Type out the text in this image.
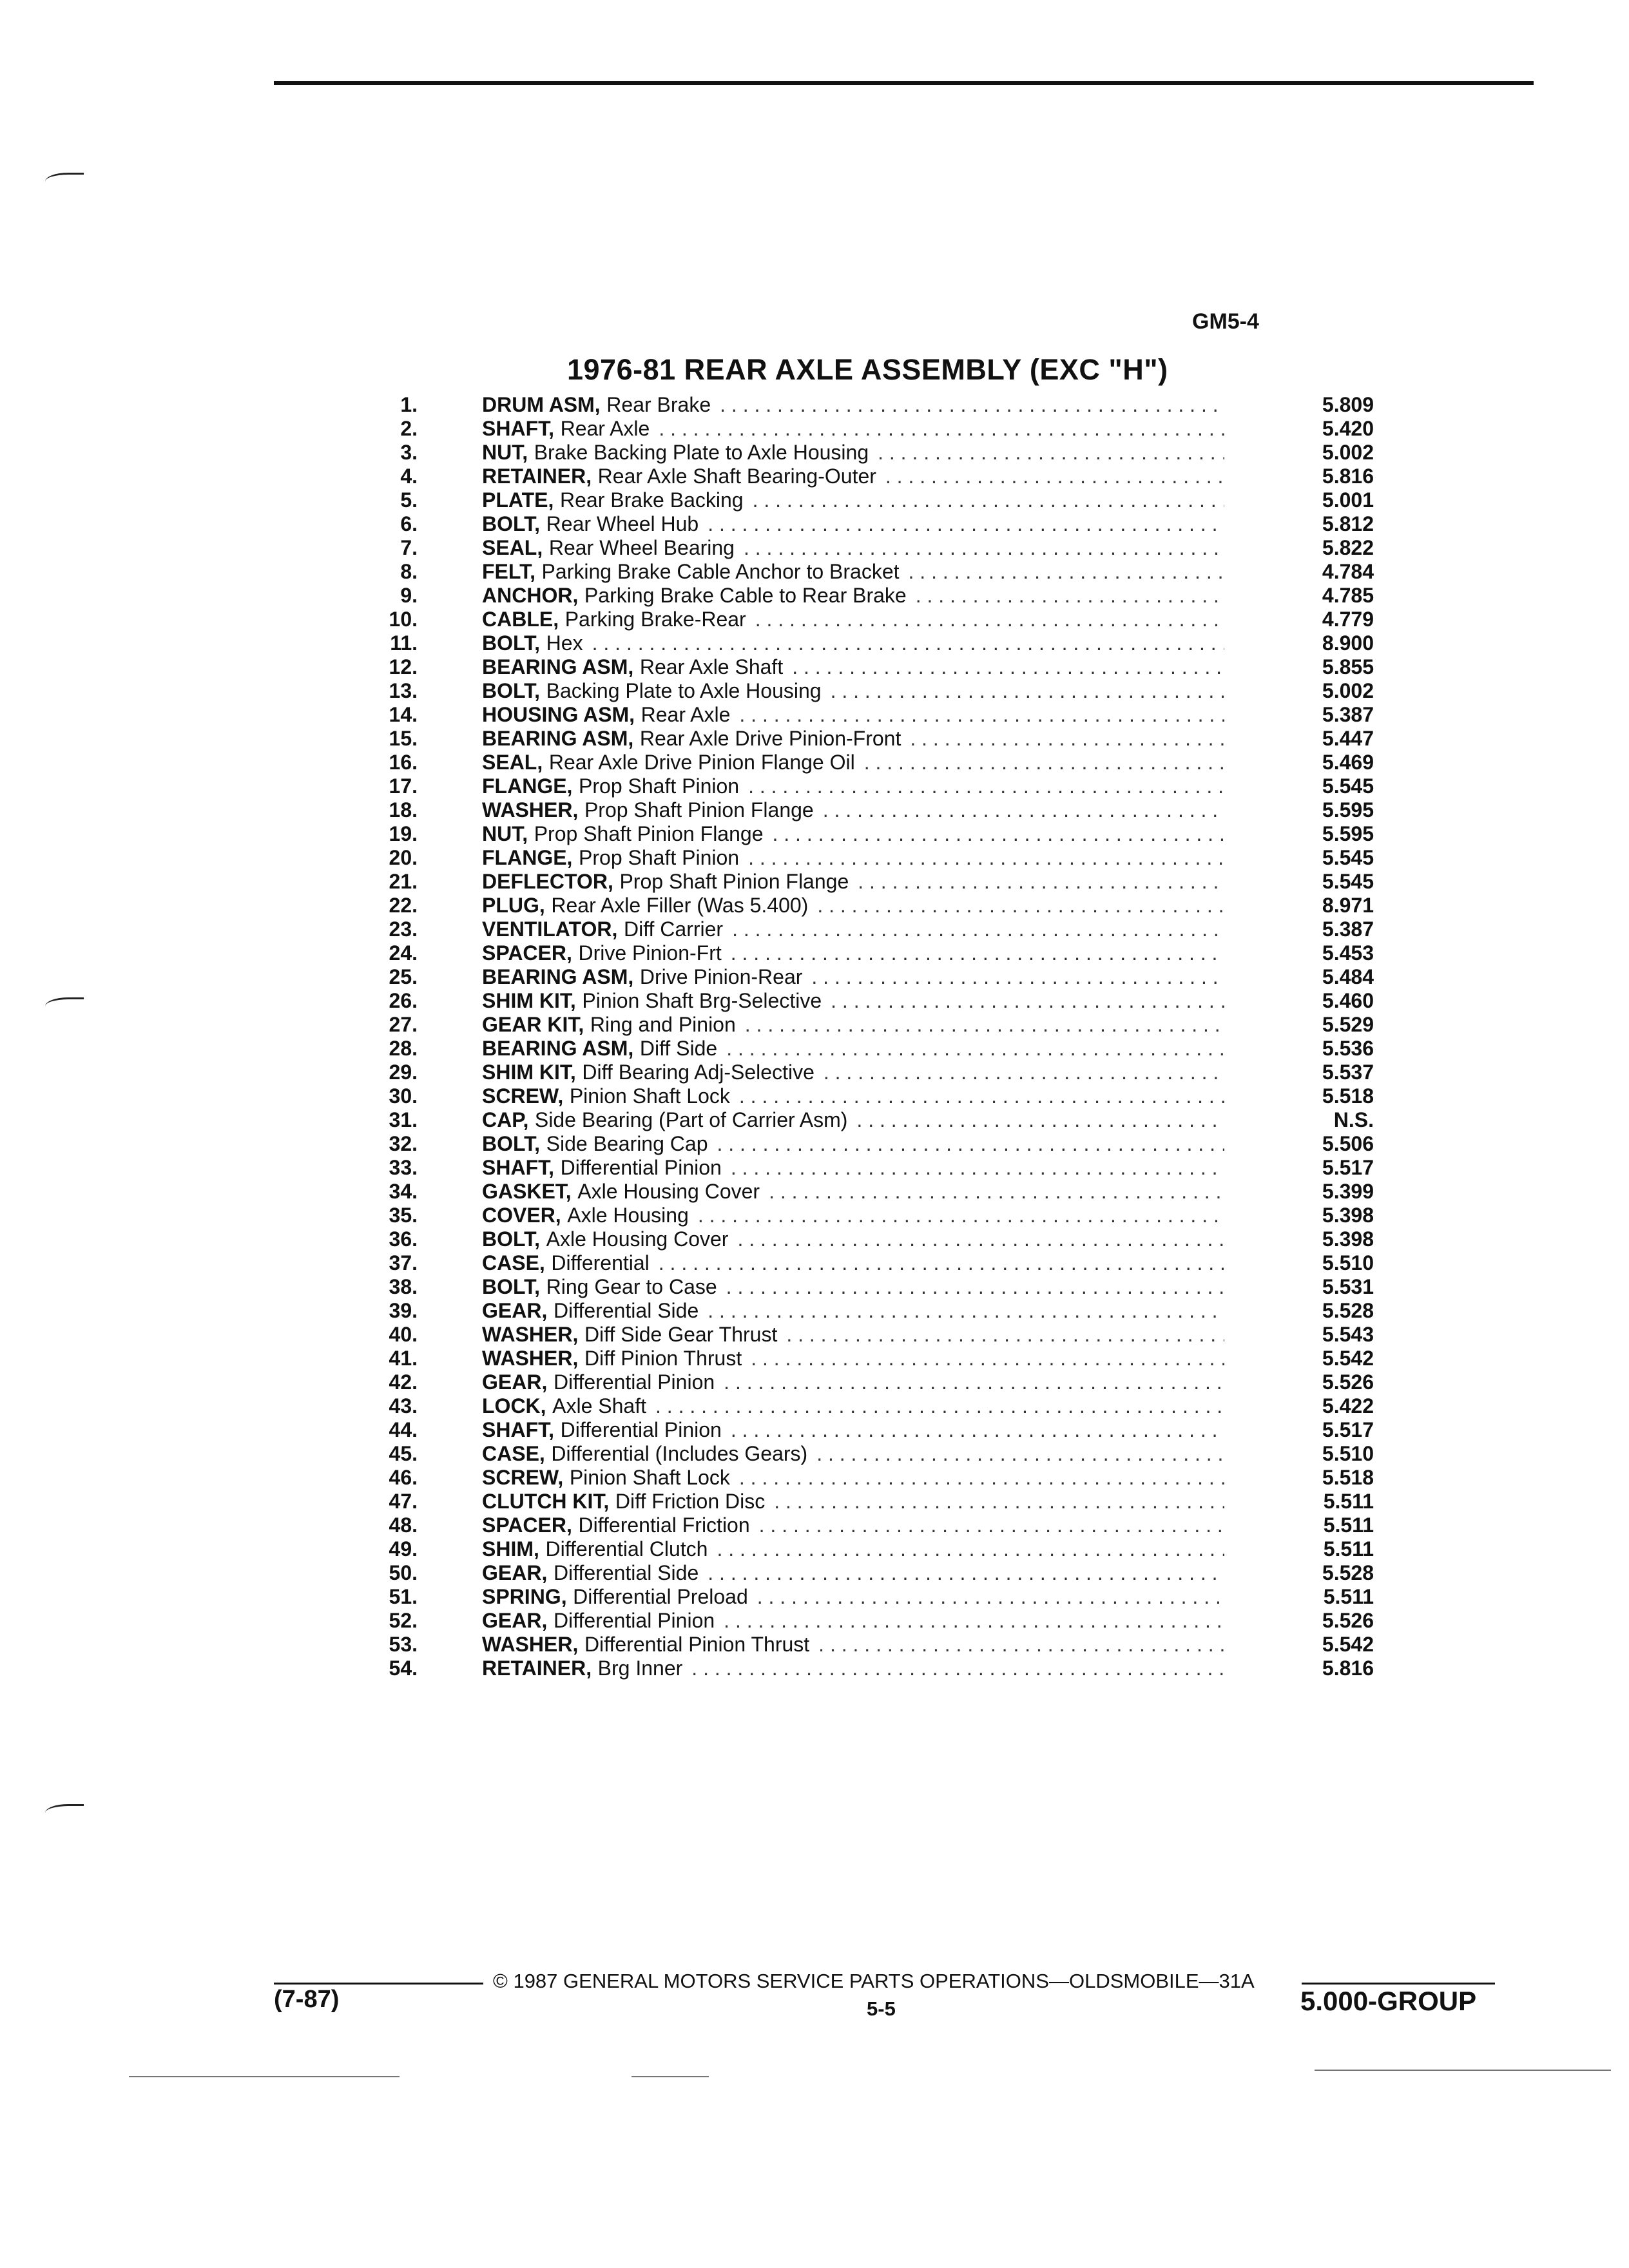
GM5-4
1976-81 REAR AXLE ASSEMBLY (EXC "H")
1.	DRUM ASM, Rear Brake . . .	5.809
2.	SHAFT, Rear Axle . . .	5.420
3.	NUT, Brake Backing Plate to Axle Housing . . .	5.002
4.	RETAINER, Rear Axle Shaft Bearing-Outer . . .	5.816
5.	PLATE, Rear Brake Backing . . .	5.001
6.	BOLT, Rear Wheel Hub . . .	5.812
7.	SEAL, Rear Wheel Bearing . . .	5.822
8.	FELT, Parking Brake Cable Anchor to Bracket . . .	4.784
9.	ANCHOR, Parking Brake Cable to Rear Brake . . .	4.785
10.	CABLE, Parking Brake-Rear . . .	4.779
11.	BOLT, Hex . . .	8.900
12.	BEARING ASM, Rear Axle Shaft . . .	5.855
13.	BOLT, Backing Plate to Axle Housing . . .	5.002
14.	HOUSING ASM, Rear Axle . . .	5.387
15.	BEARING ASM, Rear Axle Drive Pinion-Front . . .	5.447
16.	SEAL, Rear Axle Drive Pinion Flange Oil . . .	5.469
17.	FLANGE, Prop Shaft Pinion . . .	5.545
18.	WASHER, Prop Shaft Pinion Flange . . .	5.595
19.	NUT, Prop Shaft Pinion Flange . . .	5.595
20.	FLANGE, Prop Shaft Pinion . . .	5.545
21.	DEFLECTOR, Prop Shaft Pinion Flange . . .	5.545
22.	PLUG, Rear Axle Filler (Was 5.400) . . .	8.971
23.	VENTILATOR, Diff Carrier . . .	5.387
24.	SPACER, Drive Pinion-Frt . . .	5.453
25.	BEARING ASM, Drive Pinion-Rear . . .	5.484
26.	SHIM KIT, Pinion Shaft Brg-Selective . . .	5.460
27.	GEAR KIT, Ring and Pinion . . .	5.529
28.	BEARING ASM, Diff Side . . .	5.536
29.	SHIM KIT, Diff Bearing Adj-Selective . . .	5.537
30.	SCREW, Pinion Shaft Lock . . .	5.518
31.	CAP, Side Bearing (Part of Carrier Asm) . . .	N.S.
32.	BOLT, Side Bearing Cap . . .	5.506
33.	SHAFT, Differential Pinion . . .	5.517
34.	GASKET, Axle Housing Cover . . .	5.399
35.	COVER, Axle Housing . . .	5.398
36.	BOLT, Axle Housing Cover . . .	5.398
37.	CASE, Differential . . .	5.510
38.	BOLT, Ring Gear to Case . . .	5.531
39.	GEAR, Differential Side . . .	5.528
40.	WASHER, Diff Side Gear Thrust . . .	5.543
41.	WASHER, Diff Pinion Thrust . . .	5.542
42.	GEAR, Differential Pinion . . .	5.526
43.	LOCK, Axle Shaft . . .	5.422
44.	SHAFT, Differential Pinion . . .	5.517
45.	CASE, Differential (Includes Gears) . . .	5.510
46.	SCREW, Pinion Shaft Lock . . .	5.518
47.	CLUTCH KIT, Diff Friction Disc . . .	5.511
48.	SPACER, Differential Friction . . .	5.511
49.	SHIM, Differential Clutch . . .	5.511
50.	GEAR, Differential Side . . .	5.528
51.	SPRING, Differential Preload . . .	5.511
52.	GEAR, Differential Pinion . . .	5.526
53.	WASHER, Differential Pinion Thrust . . .	5.542
54.	RETAINER, Brg Inner . . .	5.816
© 1987 GENERAL MOTORS SERVICE PARTS OPERATIONS—OLDSMOBILE—31A
(7-87)	5-5	5.000-GROUP
